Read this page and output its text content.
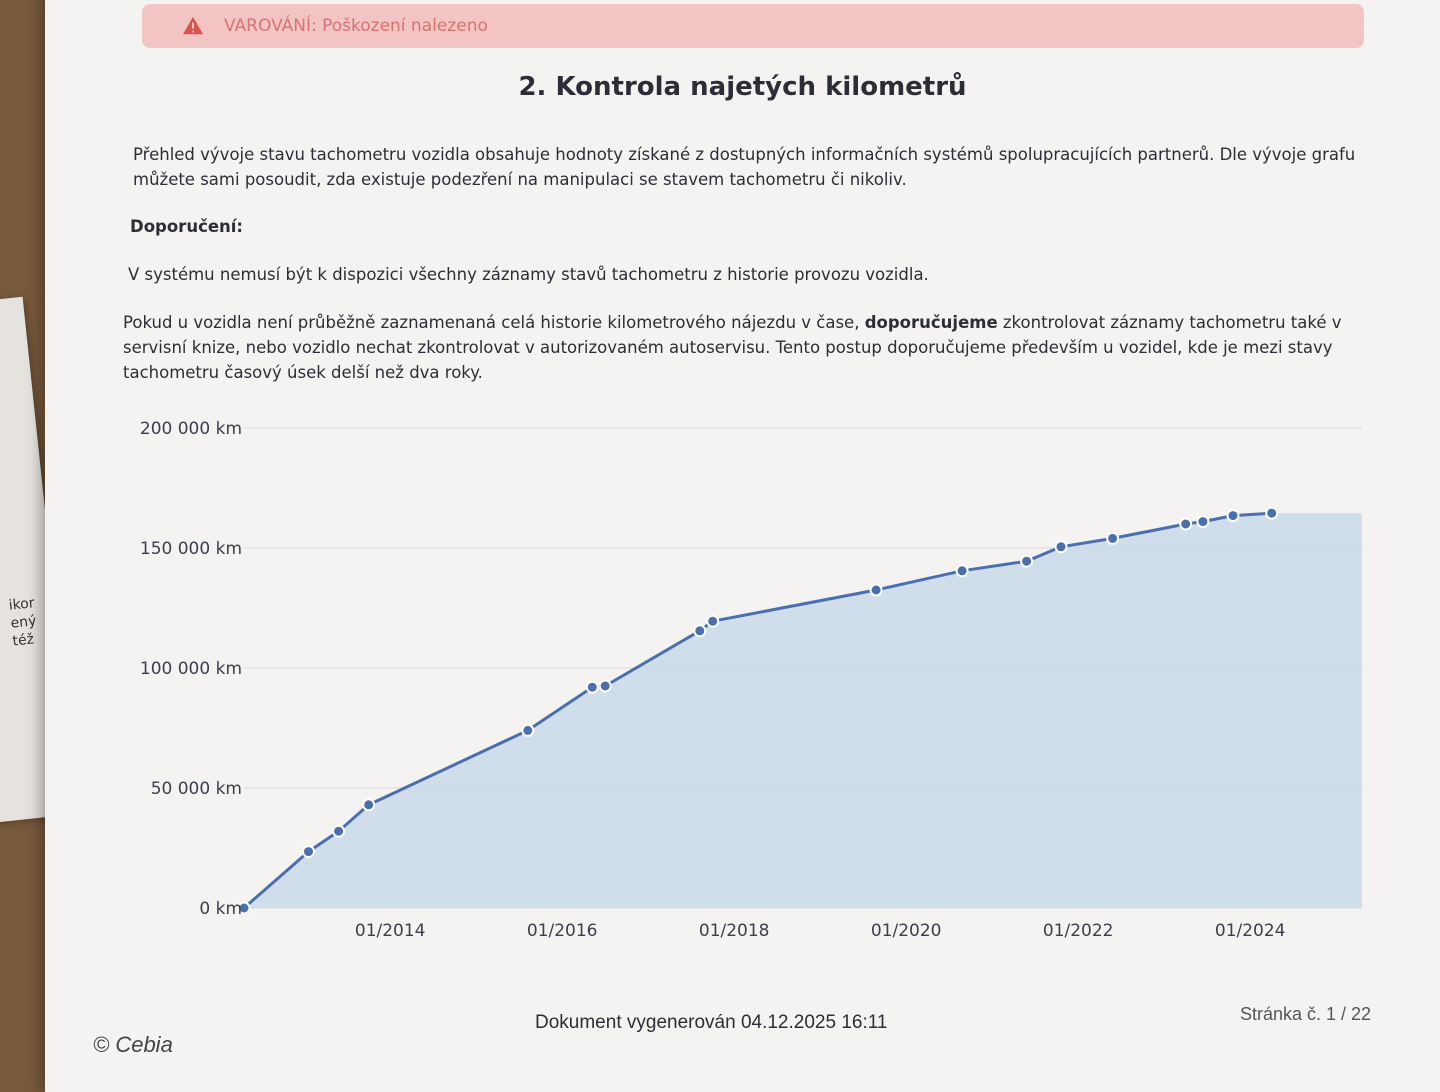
ikor
ený
též
VAROVÁNÍ: Poškození nalezeno
2. Kontrola najetých kilometrů
Přehled vývoje stavu tachometru vozidla obsahuje hodnoty získané z dostupných informačních systémů spolupracujících partnerů. Dle vývoje grafu můžete sami posoudit, zda existuje podezření na manipulaci se stavem tachometru či nikoliv.
Doporučení:
V systému nemusí být k dispozici všechny záznamy stavů tachometru z historie provozu vozidla.
Pokud u vozidla není průběžně zaznamenaná celá historie kilometrového nájezdu v čase, doporučujeme zkontrolovat záznamy tachometru také v servisní knize, nebo vozidlo nechat zkontrolovat v autorizovaném autoservisu. Tento postup doporučujeme především u vozidel, kde je mezi stavy tachometru časový úsek delší než dva roky.
0 km
50 000 km
100 000 km
150 000 km
200 000 km
01/2014	01/2016	01/2018	01/2020	01/2022	01/2024
Dokument vygenerován 04.12.2025 16:11	Stránka č. 1 / 22
© Cebia
